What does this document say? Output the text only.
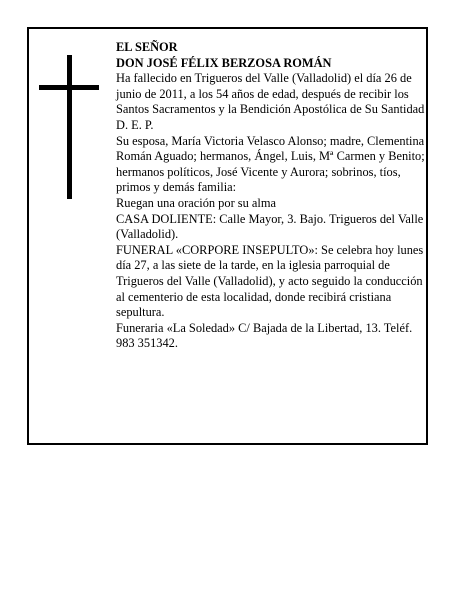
EL SEÑOR

DON JOSÉ FÉLIX BERZOSA ROMÁN

Ha fallecido en Trigueros del Valle (Valladolid) el día 26 de junio de 2011, a los 54 años de edad, después de recibir los Santos Sacramentos y la Bendición Apostólica de Su Santidad

D. E. P.

Su esposa, María Victoria Velasco Alonso; madre, Clementina Román Aguado; hermanos, Ángel, Luis, Mª Carmen y Benito; hermanos políticos, José Vicente y Aurora; sobrinos, tíos, primos y demás familia:

Ruegan una oración por su alma

CASA DOLIENTE: Calle Mayor, 3. Bajo. Trigueros del Valle (Valladolid).

FUNERAL «CORPORE INSEPULTO»: Se celebra hoy lunes día 27, a las siete de la tarde, en la iglesia parroquial de Trigueros del Valle (Valladolid), y acto seguido la conducción al cementerio de esta localidad, donde recibirá cristiana sepultura.

Funeraria «La Soledad» C/ Bajada de la Libertad, 13. Teléf. 983 351342.
